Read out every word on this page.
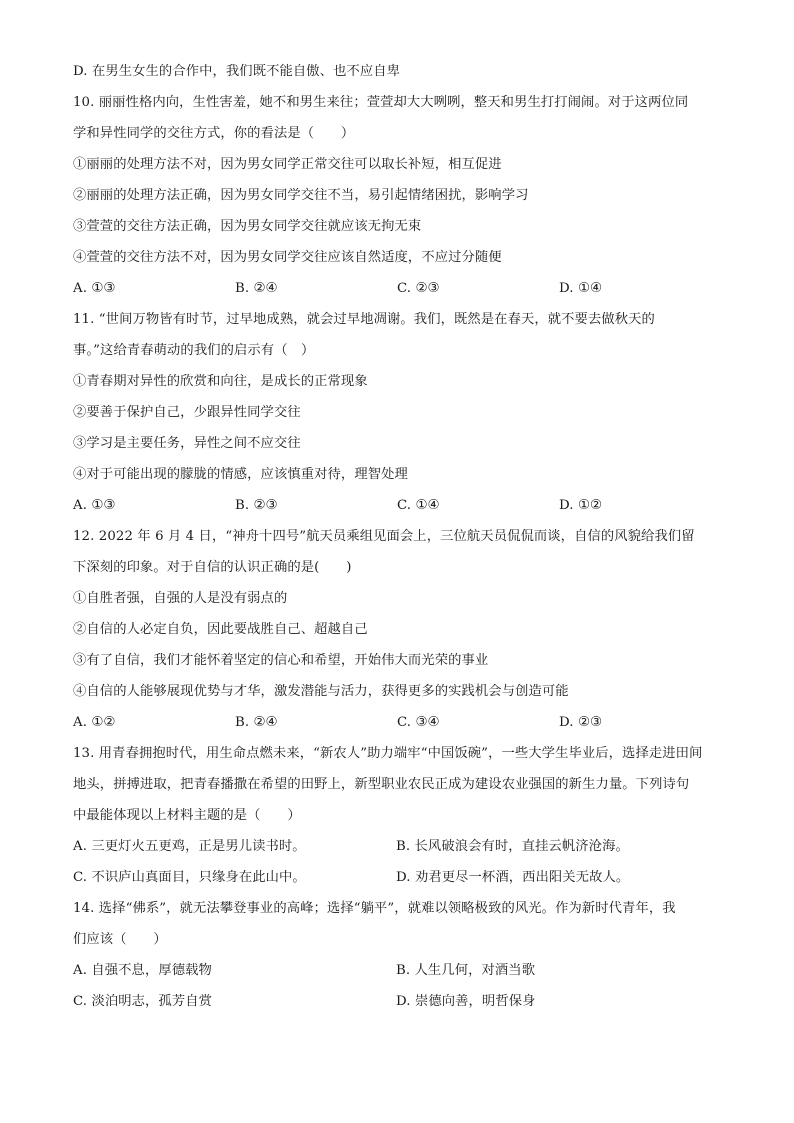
D. 在男生女生的合作中，我们既不能自傲、也不应自卑
10. 丽丽性格内向，生性害羞，她不和男生来往；萱萱却大大咧咧，整天和男生打打闹闹。对于这两位同
学和异性同学的交往方式，你的看法是（　　）
①丽丽的处理方法不对，因为男女同学正常交往可以取长补短，相互促进
②丽丽的处理方法正确，因为男女同学交往不当，易引起情绪困扰，影响学习
③萱萱的交往方法正确，因为男女同学交往就应该无拘无束
④萱萱的交往方法不对，因为男女同学交往应该自然适度，不应过分随便
A. ①③	B. ②④	C. ②③	D. ①④
11. “世间万物皆有时节，过早地成熟，就会过早地凋谢。我们，既然是在春天，就不要去做秋天的
事。”这给青春萌动的我们的启示有（　）
①青春期对异性的欣赏和向往，是成长的正常现象
②要善于保护自己，少跟异性同学交往
③学习是主要任务，异性之间不应交往
④对于可能出现的朦胧的情感，应该慎重对待，理智处理
A. ①③	B. ②③	C. ①④	D. ①②
12. 2022 年 6 月 4 日，“神舟十四号”航天员乘组见面会上，三位航天员侃侃而谈，自信的风貌给我们留
下深刻的印象。对于自信的认识正确的是(　　)
①自胜者强，自强的人是没有弱点的
②自信的人必定自负，因此要战胜自己、超越自己
③有了自信，我们才能怀着坚定的信心和希望，开始伟大而光荣的事业
④自信的人能够展现优势与才华，激发潜能与活力，获得更多的实践机会与创造可能
A. ①②	B. ②④	C. ③④	D. ②③
13. 用青春拥抱时代，用生命点燃未来，“新农人”助力端牢“中国饭碗”，一些大学生毕业后，选择走进田间
地头，拼搏进取，把青春播撒在希望的田野上，新型职业农民正成为建设农业强国的新生力量。下列诗句
中最能体现以上材料主题的是（　　）
A. 三更灯火五更鸡，正是男儿读书时。	B. 长风破浪会有时，直挂云帆济沧海。
C. 不识庐山真面目，只缘身在此山中。	D. 劝君更尽一杯酒，西出阳关无故人。
14. 选择“佛系”，就无法攀登事业的高峰；选择“躺平”，就难以领略极致的风光。作为新时代青年，我
们应该（　　）
A. 自强不息，厚德载物	B. 人生几何，对酒当歌
C. 淡泊明志，孤芳自赏	D. 崇德向善，明哲保身
